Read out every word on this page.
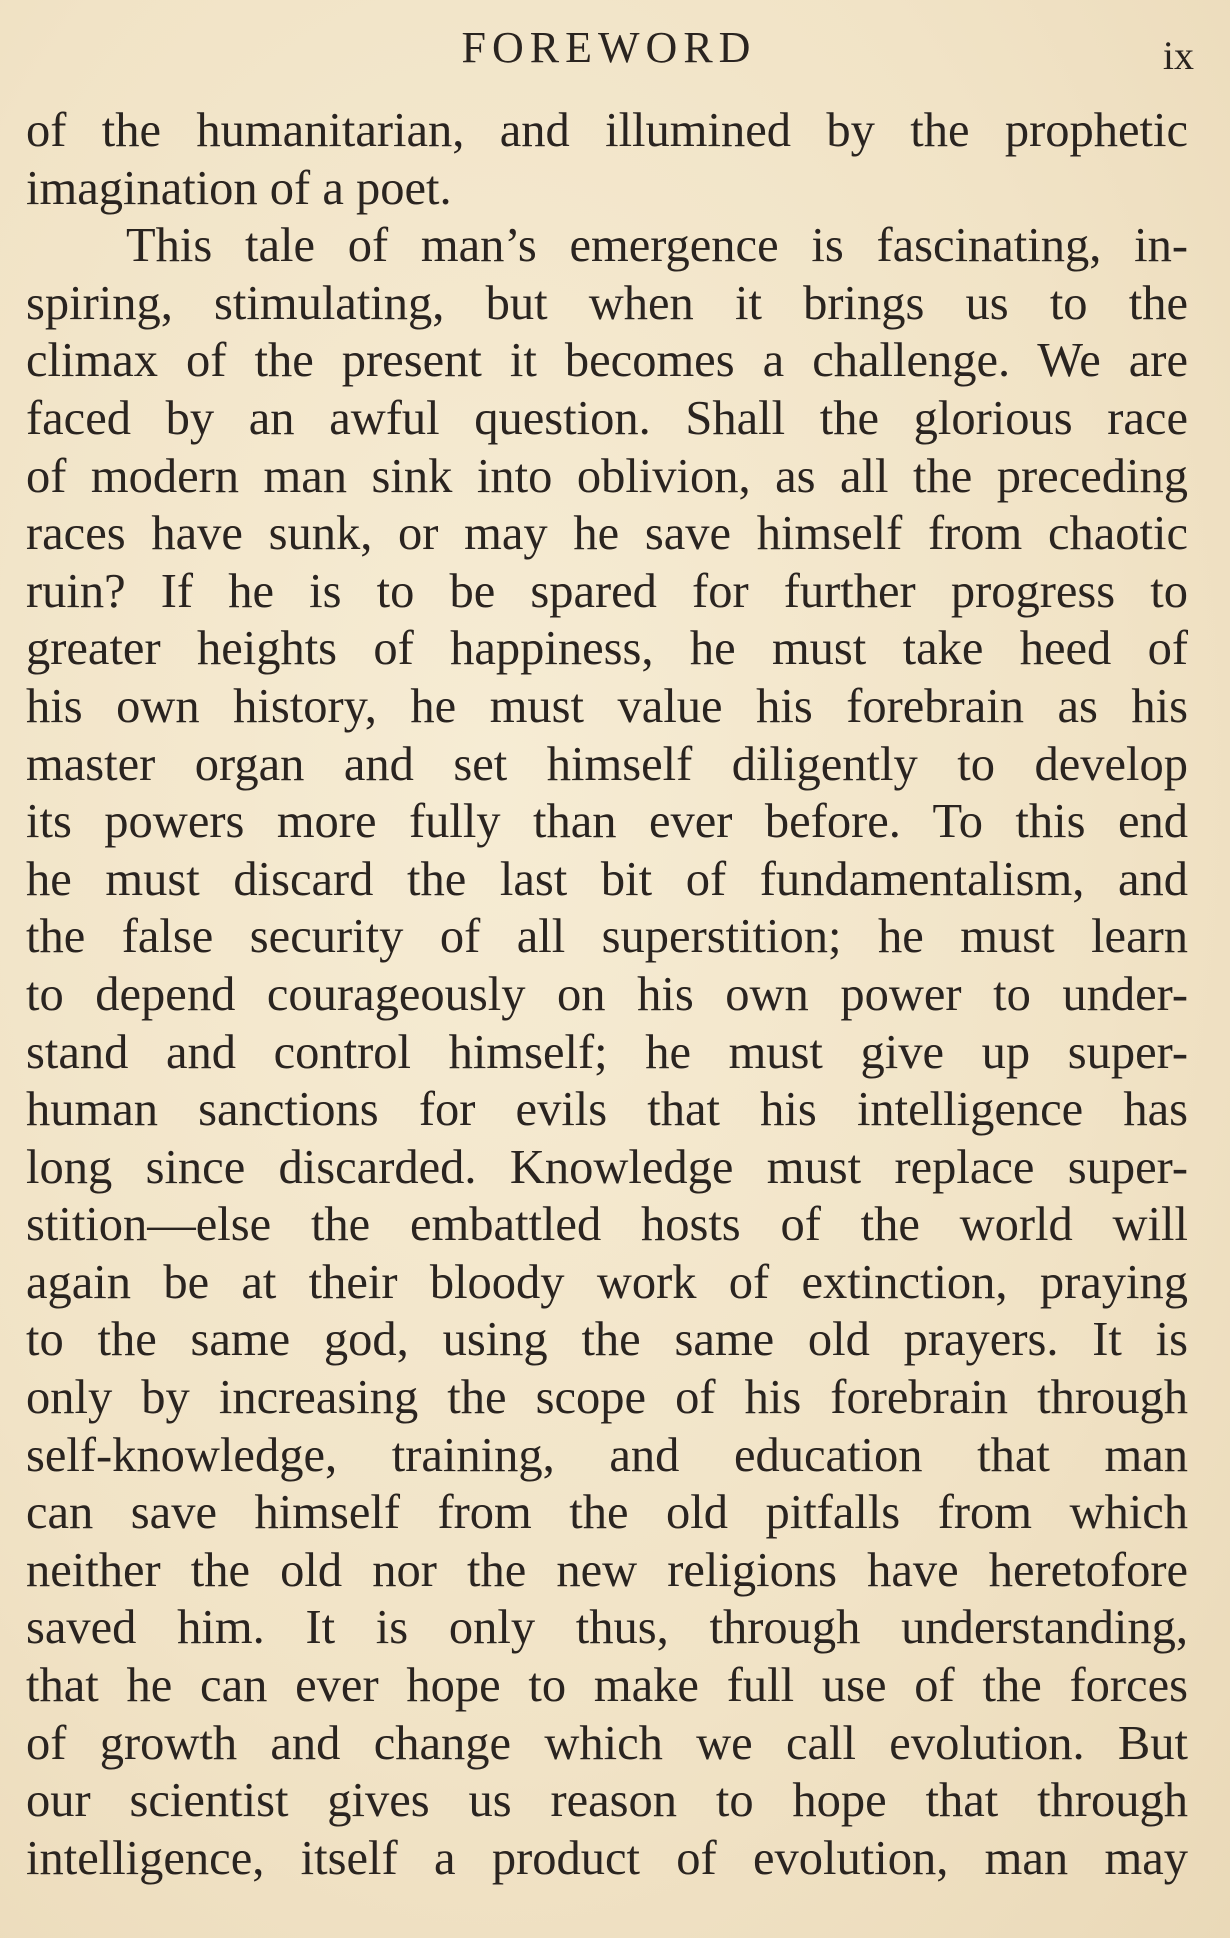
FOREWORD	ix
of the humanitarian, and illumined by the prophetic
imagination of a poet.
This tale of man’s emergence is fascinating, in-
spiring, stimulating, but when it brings us to the
climax of the present it becomes a challenge. We are
faced by an awful question. Shall the glorious race
of modern man sink into oblivion, as all the preceding
races have sunk, or may he save himself from chaotic
ruin? If he is to be spared for further progress to
greater heights of happiness, he must take heed of
his own history, he must value his forebrain as his
master organ and set himself diligently to develop
its powers more fully than ever before. To this end
he must discard the last bit of fundamentalism, and
the false security of all superstition; he must learn
to depend courageously on his own power to under-
stand and control himself; he must give up super-
human sanctions for evils that his intelligence has
long since discarded. Knowledge must replace super-
stition—else the embattled hosts of the world will
again be at their bloody work of extinction, praying
to the same god, using the same old prayers. It is
only by increasing the scope of his forebrain through
self-knowledge, training, and education that man
can save himself from the old pitfalls from which
neither the old nor the new religions have heretofore
saved him. It is only thus, through understanding,
that he can ever hope to make full use of the forces
of growth and change which we call evolution. But
our scientist gives us reason to hope that through
intelligence, itself a product of evolution, man may
